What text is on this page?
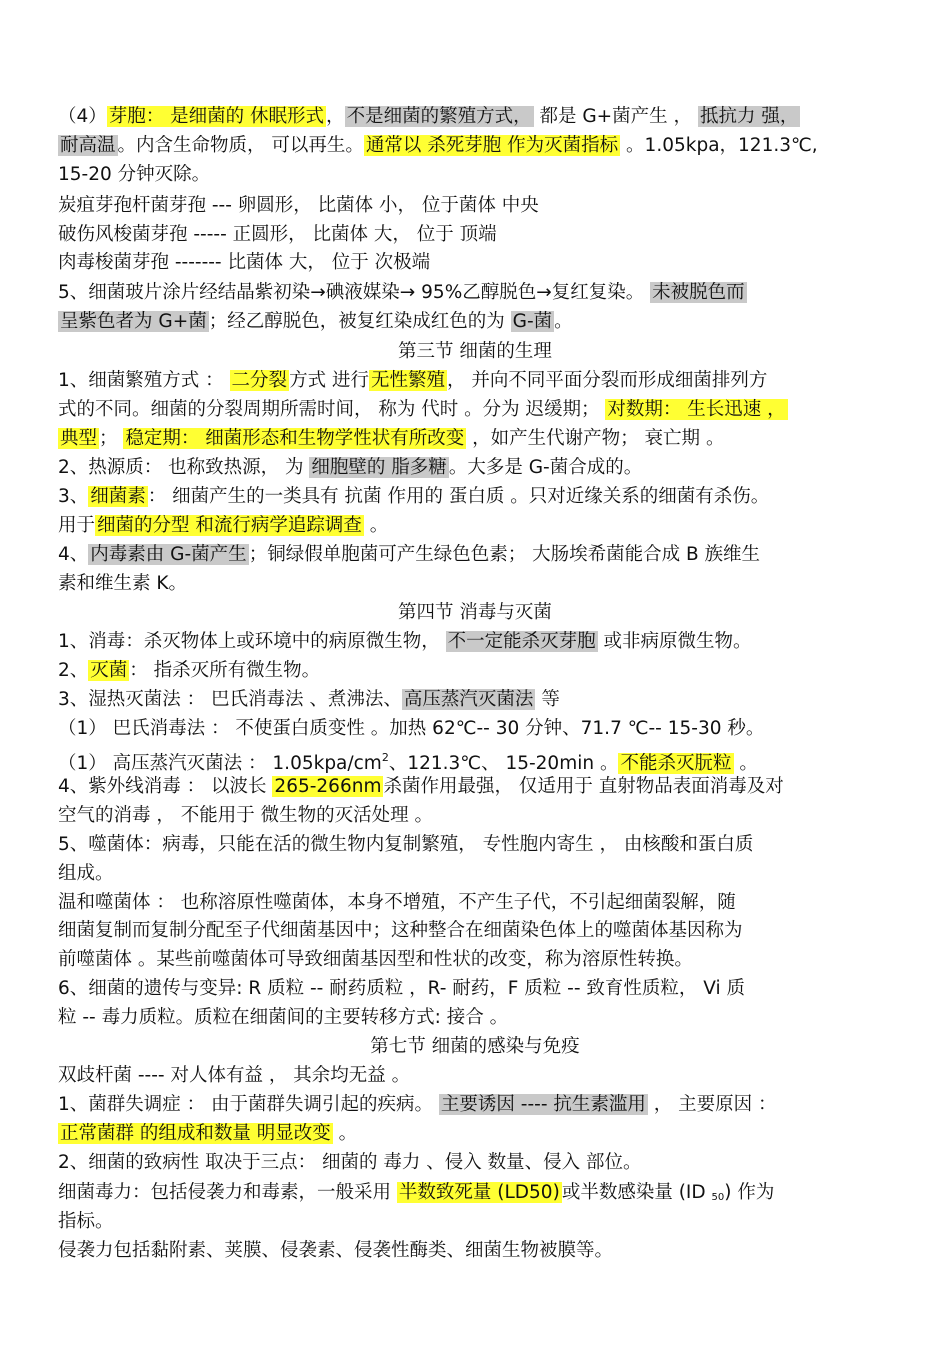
（4） 芽胞： 是细菌的 休眠形式 ， 不是细菌的繁殖方式， 都是 G+菌产生 ， 抵抗力 强，
耐高温 。内含生命物质， 可以再生。 通常以 杀死芽胞 作为灭菌指标 。1.05kpa，121.3℃,
15-20 分钟灭除。
炭疽芽孢杆菌芽孢 --- 卵圆形， 比菌体 小， 位于菌体 中央
破伤风梭菌芽孢 ----- 正圆形， 比菌体 大， 位于 顶端
肉毒梭菌芽孢 ------- 比菌体 大， 位于 次极端
5、细菌玻片涂片经结晶紫初染→碘液媒染→ 95%乙醇脱色→复红复染。 未被脱色而
呈紫色者为 G+菌 ；经乙醇脱色，被复红染成红色的为 G-菌 。
第三节 细菌的生理
1、细菌繁殖方式 ： 二分裂 方式 进行 无性繁殖 ， 并向不同平面分裂而形成细菌排列方
式的不同。细菌的分裂周期所需时间， 称为 代时 。分为 迟缓期； 对数期： 生长迅速 ，
典型 ； 稳定期： 细菌形态和生物学性状有所改变 ，如产生代谢产物； 衰亡期 。
2、热源质： 也称致热源， 为 细胞壁的 脂多糖 。大多是 G-菌合成的。
3、 细菌素 ： 细菌产生的一类具有 抗菌 作用的 蛋白质 。只对近缘关系的细菌有杀伤。
用于 细菌的分型 和流行病学追踪调查 。
4、 内毒素由 G-菌产生 ；铜绿假单胞菌可产生绿色色素； 大肠埃希菌能合成 B 族维生
素和维生素 K。
第四节 消毒与灭菌
1、消毒：杀灭物体上或环境中的病原微生物， 不一定能杀灭芽胞 或非病原微生物。
2、 灭菌 ： 指杀灭所有微生物。
3、湿热灭菌法 ： 巴氏消毒法 、煮沸法、 高压蒸汽灭菌法 等
（1） 巴氏消毒法 ： 不使蛋白质变性 。加热 62℃-- 30 分钟、71.7 ℃-- 15-30 秒。
（1） 高压蒸汽灭菌法 ： $1.05kpa/cm^2$、121.3℃、 15-20min 。 不能杀灭朊粒 。
4、紫外线消毒 ： 以波长 265-266nm 杀菌作用最强， 仅适用于 直射物品表面消毒及对
空气的消毒 ， 不能用于 微生物的灭活处理 。
5、噬菌体：病毒，只能在活的微生物内复制繁殖， 专性胞内寄生 ， 由核酸和蛋白质
组成。
温和噬菌体 ： 也称溶原性噬菌体，本身不增殖，不产生子代，不引起细菌裂解，随
细菌复制而复制分配至子代细菌基因中；这种整合在细菌染色体上的噬菌体基因称为
前噬菌体 。某些前噬菌体可导致细菌基因型和性状的改变，称为溶原性转换。
6、细菌的遗传与变异: R 质粒 -- 耐药质粒 ，R- 耐药，F 质粒 -- 致育性质粒， Vi 质
粒 -- 毒力质粒。质粒在细菌间的主要转移方式: 接合 。
第七节 细菌的感染与免疫
双歧杆菌 ---- 对人体有益 ， 其余均无益 。
1、菌群失调症 ： 由于菌群失调引起的疾病。 主要诱因 ---- 抗生素滥用 ， 主要原因 ：
正常菌群 的组成和数量 明显改变 。
2、细菌的致病性 取决于三点： 细菌的 毒力 、侵入 数量、侵入 部位。
细菌毒力：包括侵袭力和毒素，一般采用 半数致死量 (LD50) 或半数感染量 (ID $_{50}$) 作为
指标。
侵袭力包括黏附素、荚膜、侵袭素、侵袭性酶类、细菌生物被膜等。
